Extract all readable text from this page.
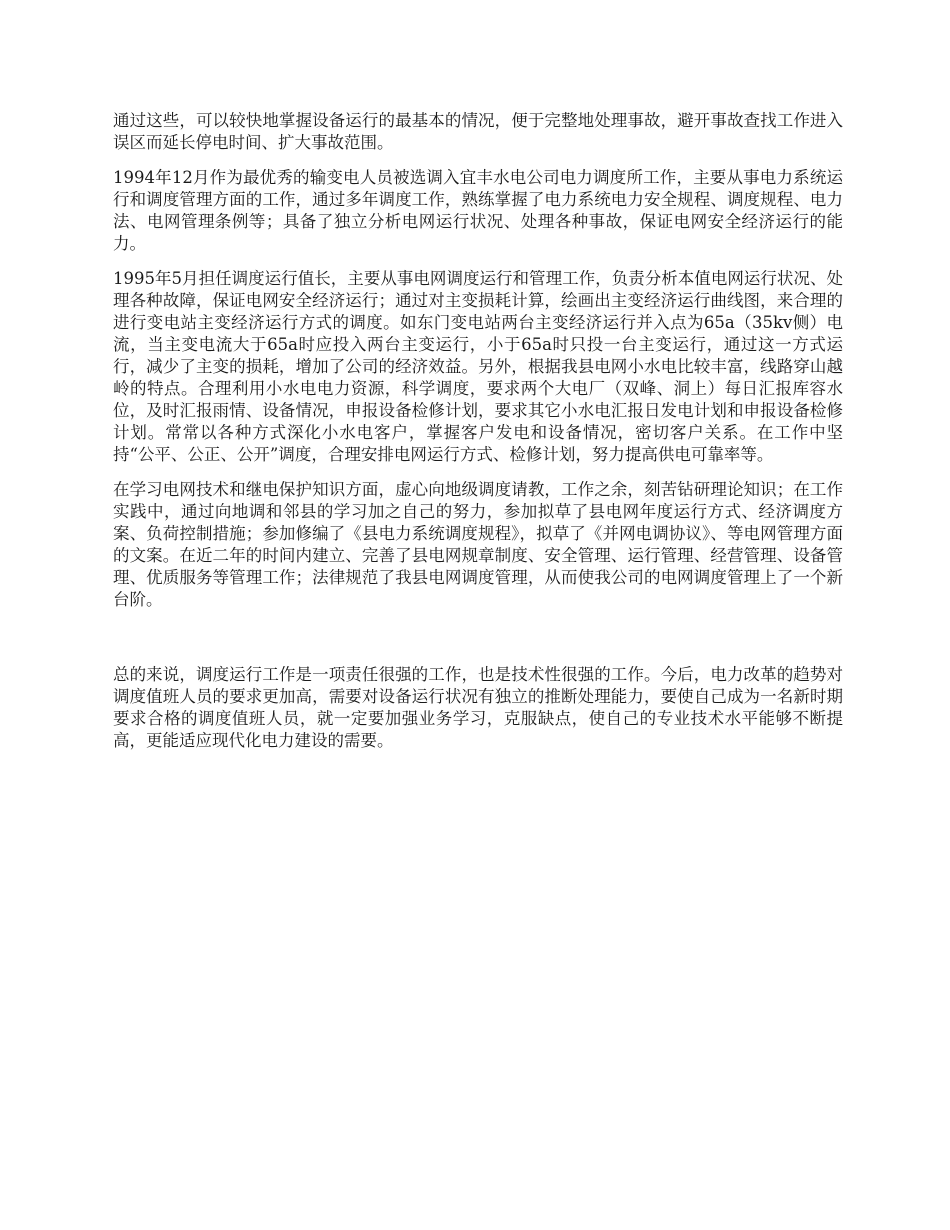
通过这些，可以较快地掌握设备运行的最基本的情况，便于完整地处理事故，避开事故查找工作进入误区而延长停电时间、扩大事故范围。

1994年12月作为最优秀的输变电人员被选调入宜丰水电公司电力调度所工作，主要从事电力系统运行和调度管理方面的工作，通过多年调度工作，熟练掌握了电力系统电力安全规程、调度规程、电力法、电网管理条例等；具备了独立分析电网运行状况、处理各种事故，保证电网安全经济运行的能力。

1995年5月担任调度运行值长，主要从事电网调度运行和管理工作，负责分析本值电网运行状况、处理各种故障，保证电网安全经济运行；通过对主变损耗计算，绘画出主变经济运行曲线图，来合理的进行变电站主变经济运行方式的调度。如东门变电站两台主变经济运行并入点为65a（35kv侧）电流，当主变电流大于65a时应投入两台主变运行，小于65a时只投一台主变运行，通过这一方式运行，减少了主变的损耗，增加了公司的经济效益。另外，根据我县电网小水电比较丰富，线路穿山越岭的特点。合理利用小水电电力资源，科学调度，要求两个大电厂（双峰、洞上）每日汇报库容水位，及时汇报雨情、设备情况，申报设备检修计划，要求其它小水电汇报日发电计划和申报设备检修计划。常常以各种方式深化小水电客户，掌握客户发电和设备情况，密切客户关系。在工作中坚持“公平、公正、公开”调度，合理安排电网运行方式、检修计划，努力提高供电可靠率等。

在学习电网技术和继电保护知识方面，虚心向地级调度请教，工作之余，刻苦钻研理论知识；在工作实践中，通过向地调和邻县的学习加之自己的努力，参加拟草了县电网年度运行方式、经济调度方案、负荷控制措施；参加修编了《县电力系统调度规程》，拟草了《并网电调协议》、等电网管理方面的文案。在近二年的时间内建立、完善了县电网规章制度、安全管理、运行管理、经营管理、设备管理、优质服务等管理工作；法律规范了我县电网调度管理，从而使我公司的电网调度管理上了一个新台阶。

总的来说，调度运行工作是一项责任很强的工作，也是技术性很强的工作。今后，电力改革的趋势对调度值班人员的要求更加高，需要对设备运行状况有独立的推断处理能力，要使自己成为一名新时期要求合格的调度值班人员，就一定要加强业务学习，克服缺点，使自己的专业技术水平能够不断提高，更能适应现代化电力建设的需要。
